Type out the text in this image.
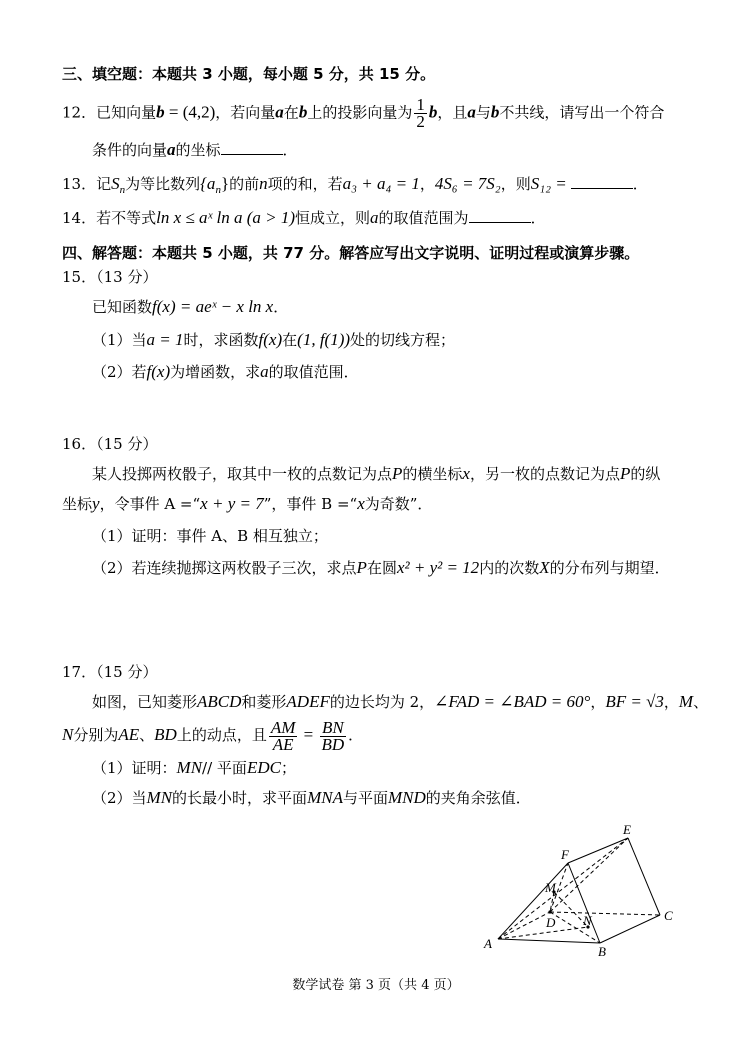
三、填空题：本题共 3 小题，每小题 5 分，共 15 分。
12．已知向量b = (4,2)，若向量a在b上的投影向量为 $\frac{1}{2}$ b，且a与b不共线，请写出一个符合
条件的向量a的坐标	．
13．记$S_n$为等比数列$\{a_n\}$的前n项的和，若a₃ + a₄ = 1，4S₆ = 7S₂，则S₁₂ =	．
14．若不等式ln x ≤ aˣ ln a (a > 1)恒成立，则a的取值范围为	．
四、解答题：本题共 5 小题，共 77 分。解答应写出文字说明、证明过程或演算步骤。
15．（13 分）
已知函数f(x) = aeˣ − x ln x．
（1）当a = 1时，求函数f(x)在(1, f(1))处的切线方程；
（2）若f(x)为增函数，求a的取值范围．
16．（15 分）
某人投掷两枚骰子，取其中一枚的点数记为点P的横坐标x，另一枚的点数记为点P的纵
坐标y，令事件 A =“x + y = 7”，事件 B =“x为奇数”．
（1）证明：事件 A、B 相互独立；
（2）若连续抛掷这两枚骰子三次，求点P在圆x² + y² = 12内的次数X的分布列与期望．
17．（15 分）
如图，已知菱形ABCD和菱形ADEF的边长均为 2，∠FAD = ∠BAD = 60°，BF = √3，M、
N分别为AE、BD上的动点，且 $\frac{AM}{AE} = \frac{BN}{BD}$ ．
（1）证明：MN// 平面EDC；
（2）当MN的长最小时，求平面MNA与平面MND的夹角余弦值．
A
B
C
D
E
F
M
N
数学试卷 第 3 页（共 4 页）
